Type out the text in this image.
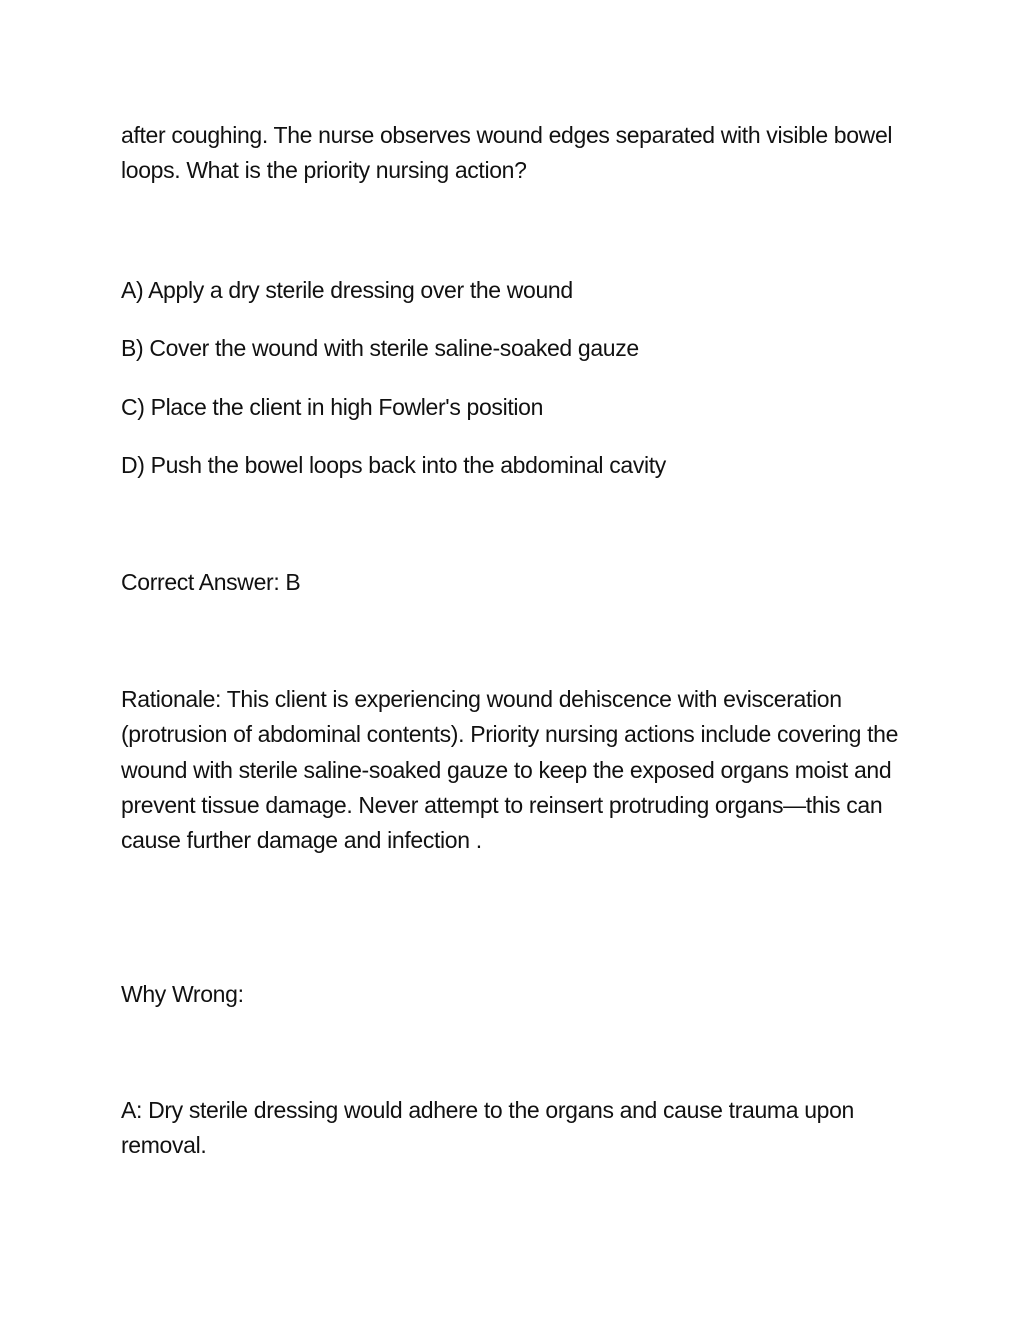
after coughing. The nurse observes wound edges separated with visible bowel loops. What is the priority nursing action?

A) Apply a dry sterile dressing over the wound

B) Cover the wound with sterile saline-soaked gauze

C) Place the client in high Fowler's position

D) Push the bowel loops back into the abdominal cavity

Correct Answer: B

Rationale: This client is experiencing wound dehiscence with evisceration (protrusion of abdominal contents). Priority nursing actions include covering the wound with sterile saline-soaked gauze to keep the exposed organs moist and prevent tissue damage. Never attempt to reinsert protruding organs—this can cause further damage and infection .

Why Wrong:

A: Dry sterile dressing would adhere to the organs and cause trauma upon removal.
